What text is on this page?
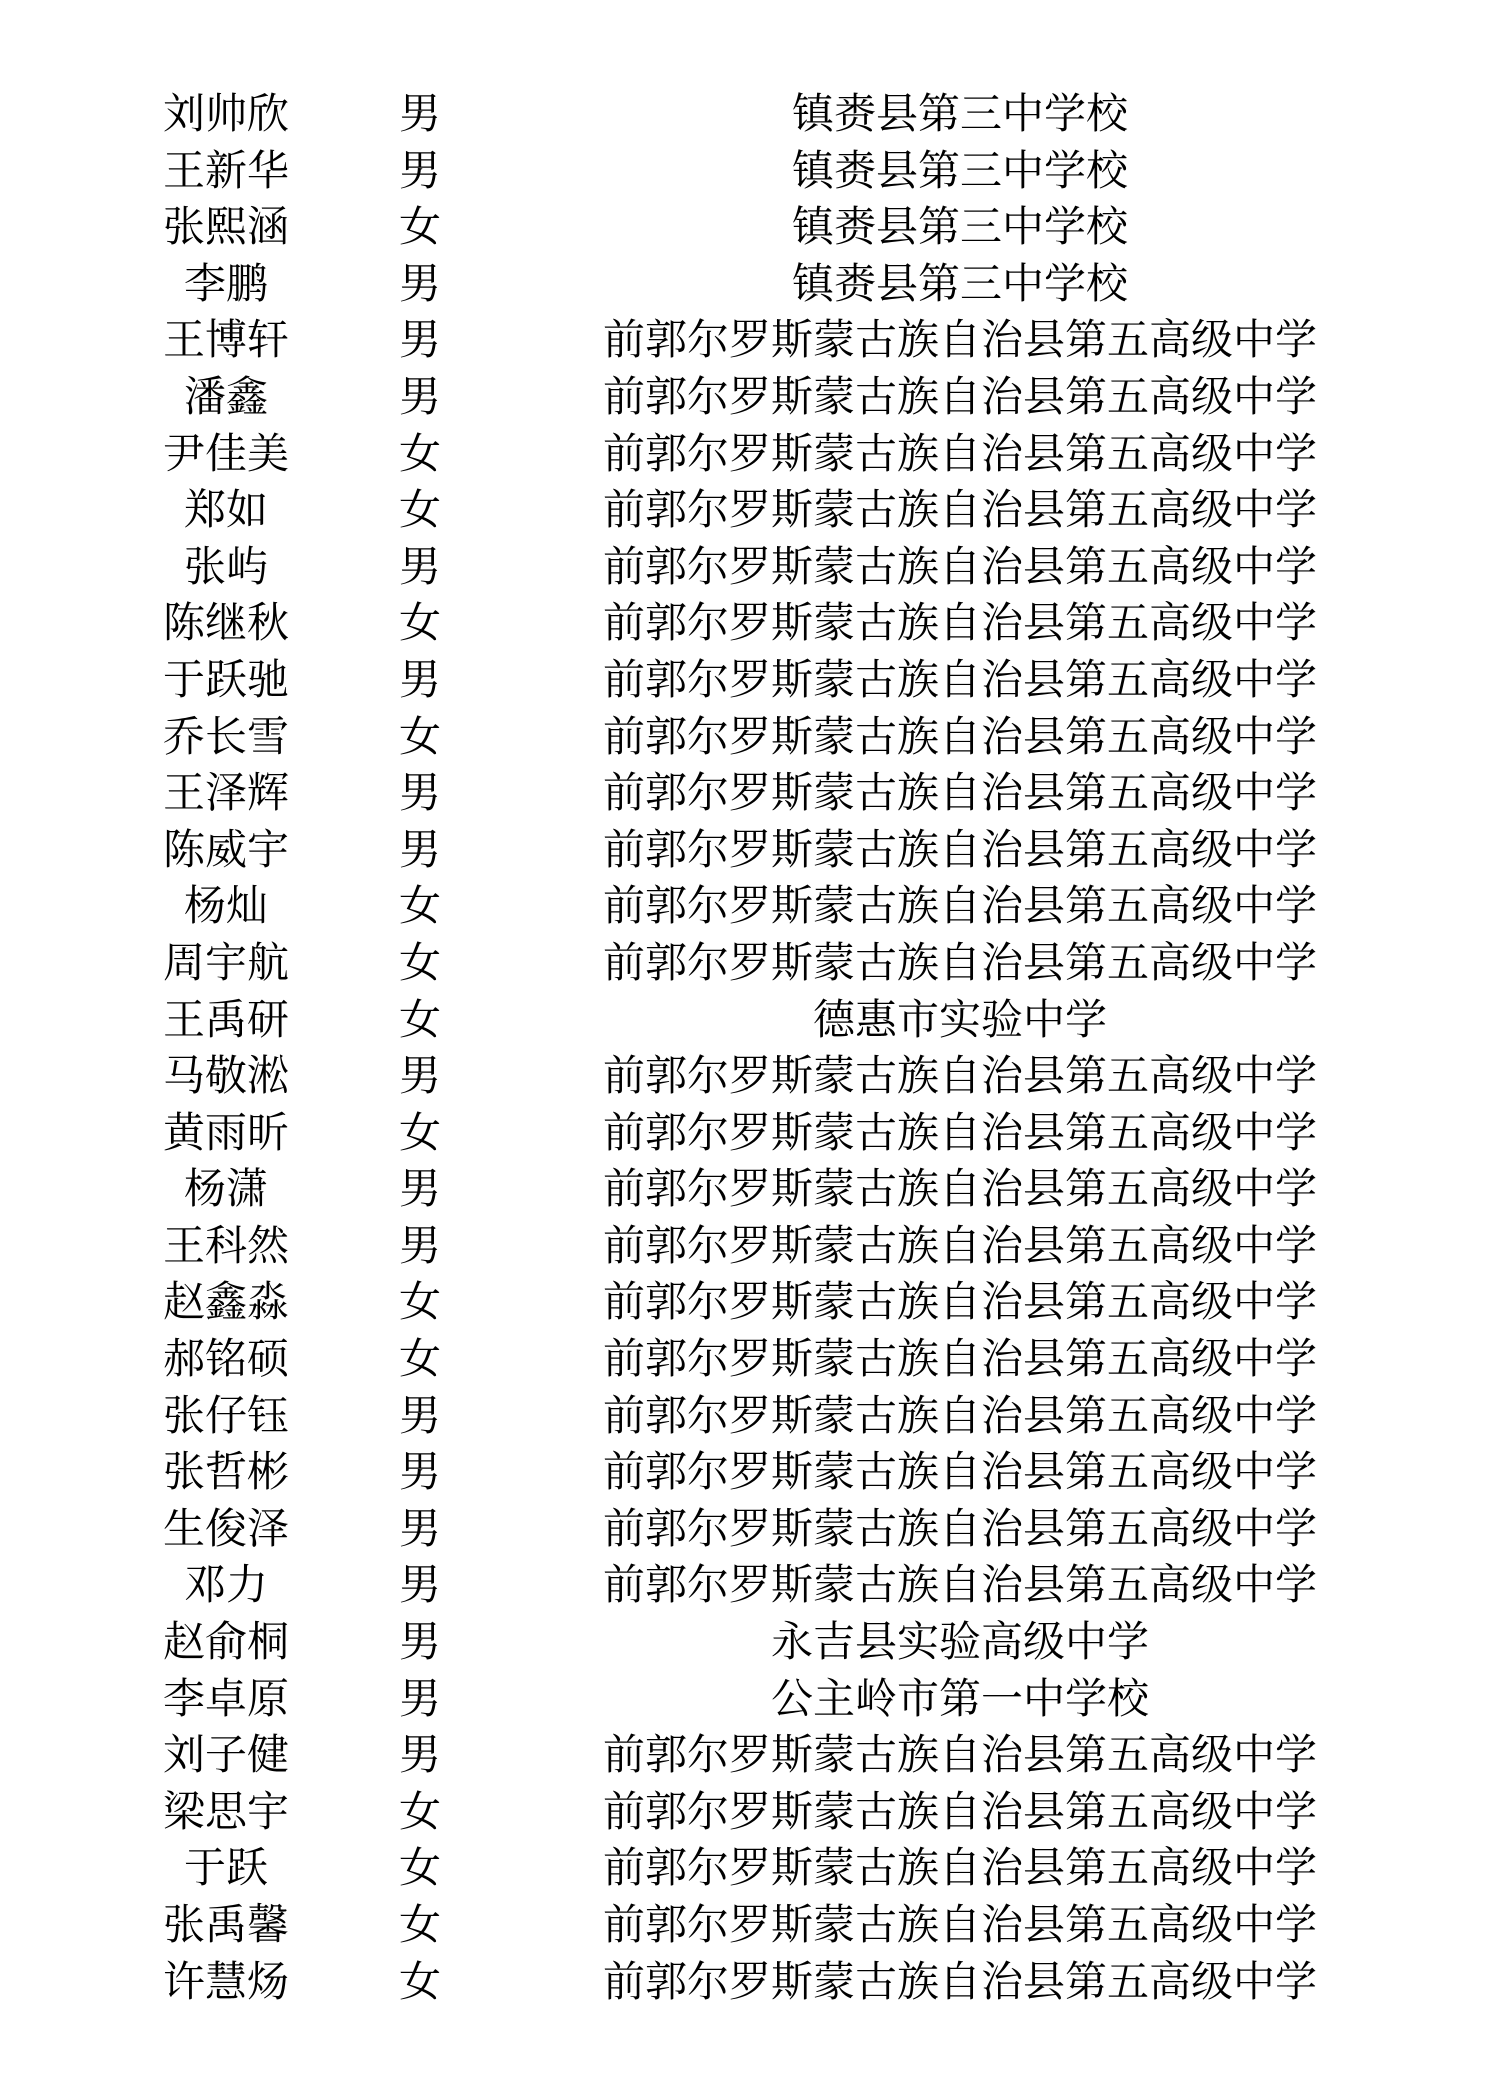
刘帅欣	男	镇赉县第三中学校
王新华	男	镇赉县第三中学校
张熙涵	女	镇赉县第三中学校
李鹏	男	镇赉县第三中学校
王博轩	男	前郭尔罗斯蒙古族自治县第五高级中学
潘鑫	男	前郭尔罗斯蒙古族自治县第五高级中学
尹佳美	女	前郭尔罗斯蒙古族自治县第五高级中学
郑如	女	前郭尔罗斯蒙古族自治县第五高级中学
张屿	男	前郭尔罗斯蒙古族自治县第五高级中学
陈继秋	女	前郭尔罗斯蒙古族自治县第五高级中学
于跃驰	男	前郭尔罗斯蒙古族自治县第五高级中学
乔长雪	女	前郭尔罗斯蒙古族自治县第五高级中学
王泽辉	男	前郭尔罗斯蒙古族自治县第五高级中学
陈威宇	男	前郭尔罗斯蒙古族自治县第五高级中学
杨灿	女	前郭尔罗斯蒙古族自治县第五高级中学
周宇航	女	前郭尔罗斯蒙古族自治县第五高级中学
王禹研	女	德惠市实验中学
马敬淞	男	前郭尔罗斯蒙古族自治县第五高级中学
黄雨昕	女	前郭尔罗斯蒙古族自治县第五高级中学
杨潇	男	前郭尔罗斯蒙古族自治县第五高级中学
王科然	男	前郭尔罗斯蒙古族自治县第五高级中学
赵鑫淼	女	前郭尔罗斯蒙古族自治县第五高级中学
郝铭硕	女	前郭尔罗斯蒙古族自治县第五高级中学
张仔钰	男	前郭尔罗斯蒙古族自治县第五高级中学
张哲彬	男	前郭尔罗斯蒙古族自治县第五高级中学
生俊泽	男	前郭尔罗斯蒙古族自治县第五高级中学
邓力	男	前郭尔罗斯蒙古族自治县第五高级中学
赵俞桐	男	永吉县实验高级中学
李卓原	男	公主岭市第一中学校
刘子健	男	前郭尔罗斯蒙古族自治县第五高级中学
梁思宇	女	前郭尔罗斯蒙古族自治县第五高级中学
于跃	女	前郭尔罗斯蒙古族自治县第五高级中学
张禹馨	女	前郭尔罗斯蒙古族自治县第五高级中学
许慧炀	女	前郭尔罗斯蒙古族自治县第五高级中学
